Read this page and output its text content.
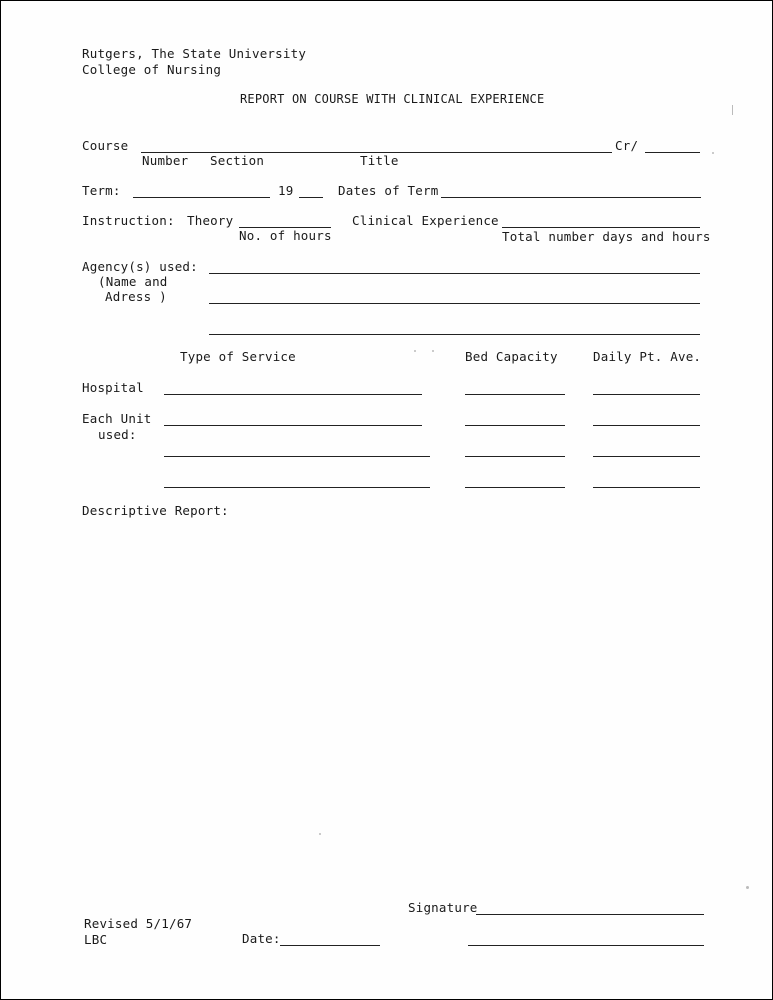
Rutgers, The State University
College of Nursing
REPORT ON COURSE WITH CLINICAL EXPERIENCE
Course	Cr/
Number Section	Title
Term:	19	Dates of Term
Instruction: Theory
No. of hours
Clinical Experience
Total number days and hours
Agency(s) used:
(Name and
Adress )
Type of Service	Bed Capacity	Daily Pt. Ave.
Hospital
Each Unit
used:
Descriptive Report:
Signature
Revised 5/1/67
LBC	Date:
